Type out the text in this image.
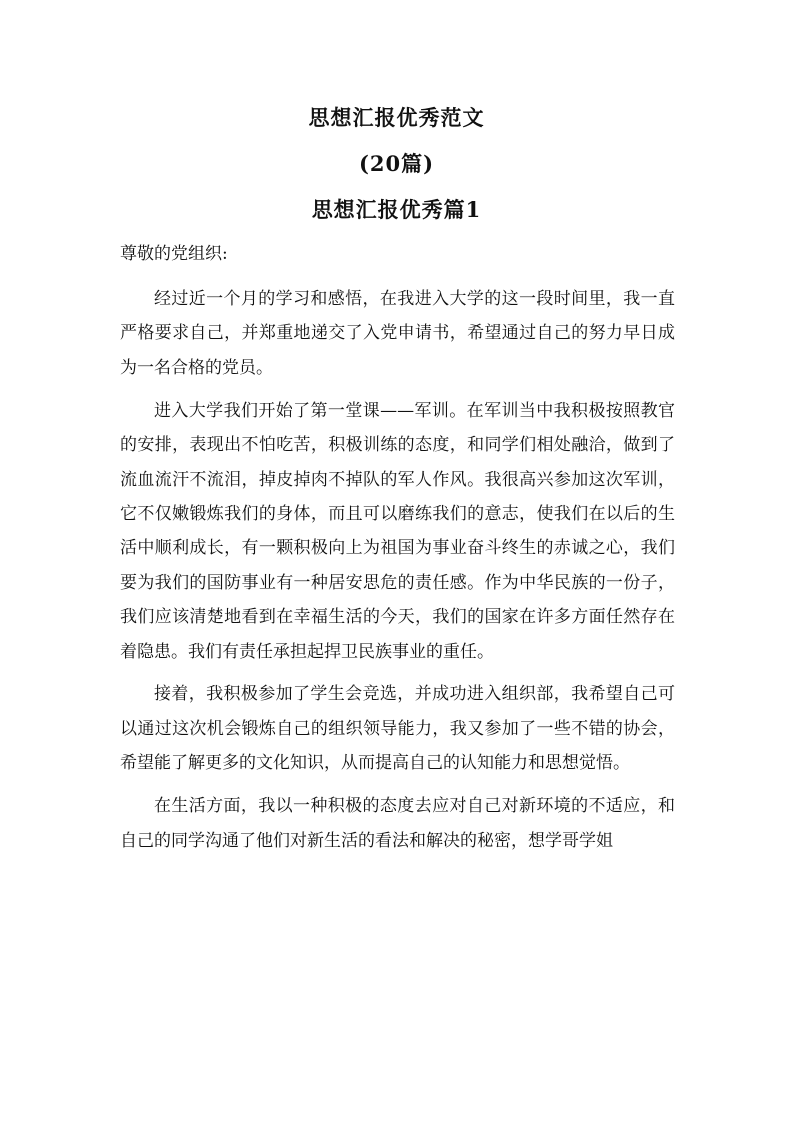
思想汇报优秀范文
(20篇)
思想汇报优秀篇1

尊敬的党组织:

经过近一个月的学习和感悟，在我进入大学的这一段时间里，我一直严格要求自己，并郑重地递交了入党申请书，希望通过自己的努力早日成为一名合格的党员。

进入大学我们开始了第一堂课——军训。在军训当中我积极按照教官的安排，表现出不怕吃苦，积极训练的态度，和同学们相处融洽，做到了流血流汗不流泪，掉皮掉肉不掉队的军人作风。我很高兴参加这次军训，它不仅嫩锻炼我们的身体，而且可以磨练我们的意志，使我们在以后的生活中顺利成长，有一颗积极向上为祖国为事业奋斗终生的赤诚之心，我们要为我们的国防事业有一种居安思危的责任感。作为中华民族的一份子，我们应该清楚地看到在幸福生活的今天，我们的国家在许多方面任然存在着隐患。我们有责任承担起捍卫民族事业的重任。

接着，我积极参加了学生会竞选，并成功进入组织部，我希望自己可以通过这次机会锻炼自己的组织领导能力，我又参加了一些不错的协会，希望能了解更多的文化知识，从而提高自己的认知能力和思想觉悟。

在生活方面，我以一种积极的态度去应对自己对新环境的不适应，和自己的同学沟通了他们对新生活的看法和解决的秘密，想学哥学姐
